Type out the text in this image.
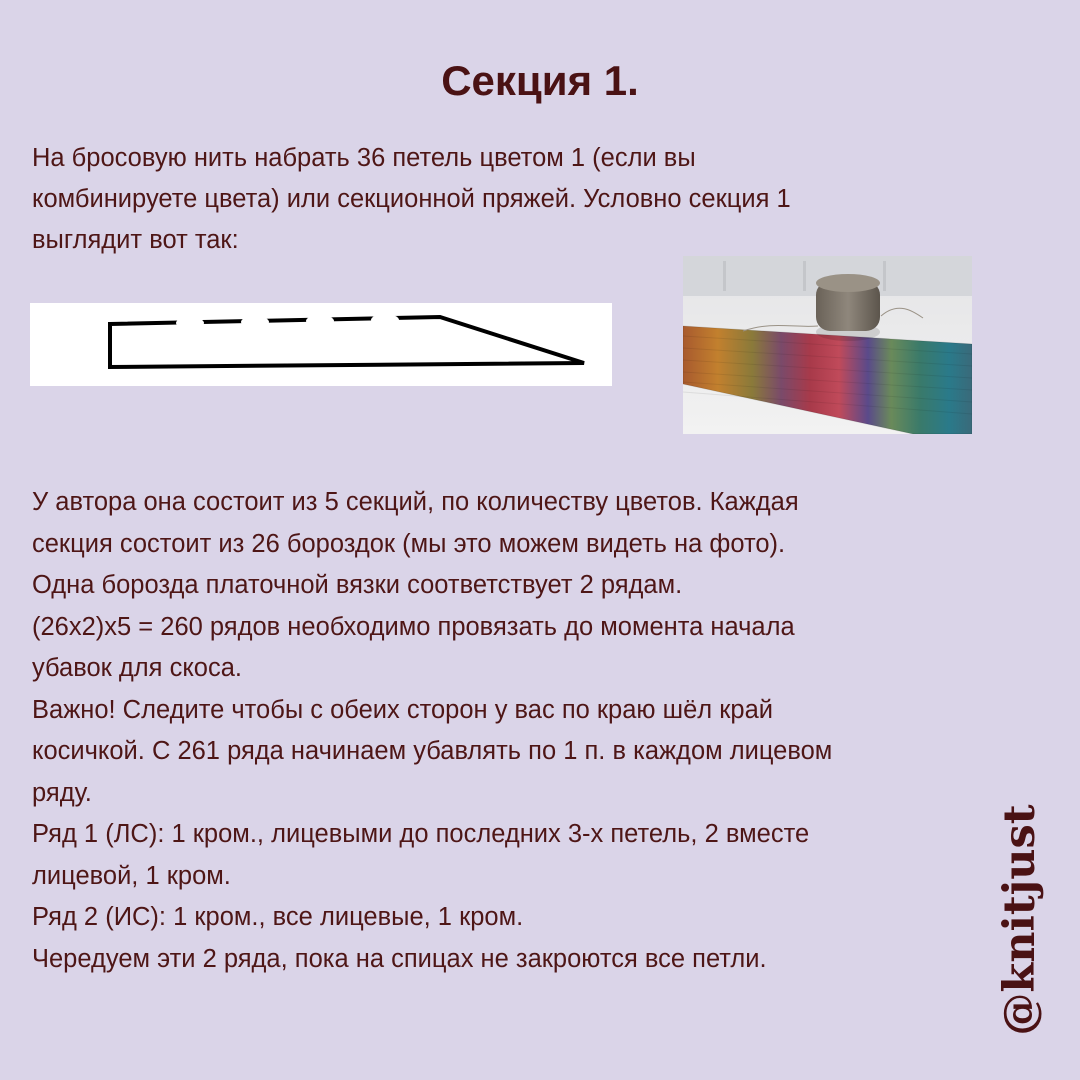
Секция 1.

На бросовую нить набрать 36 петель цветом 1 (если вы

комбинируете цвета) или секционной пряжей. Условно секция 1

выглядит вот так:

У автора она состоит из 5 секций, по количеству цветов. Каждая

секция состоит из 26 бороздок (мы это можем видеть на фото).

Одна борозда платочной вязки соответствует 2 рядам.

(26x2)x5 = 260 рядов необходимо провязать до момента начала

убавок для скоса.

Важно! Следите чтобы с обеих сторон у вас по краю шёл край

косичкой. С 261 ряда начинаем убавлять по 1 п. в каждом лицевом

ряду.

Ряд 1 (ЛС): 1 кром., лицевыми до последних 3-х петель, 2 вместе

лицевой, 1 кром.

Ряд 2 (ИС): 1 кром., все лицевые, 1 кром.

Чередуем эти 2 ряда, пока на спицах не закроются все петли.	@knitjust
